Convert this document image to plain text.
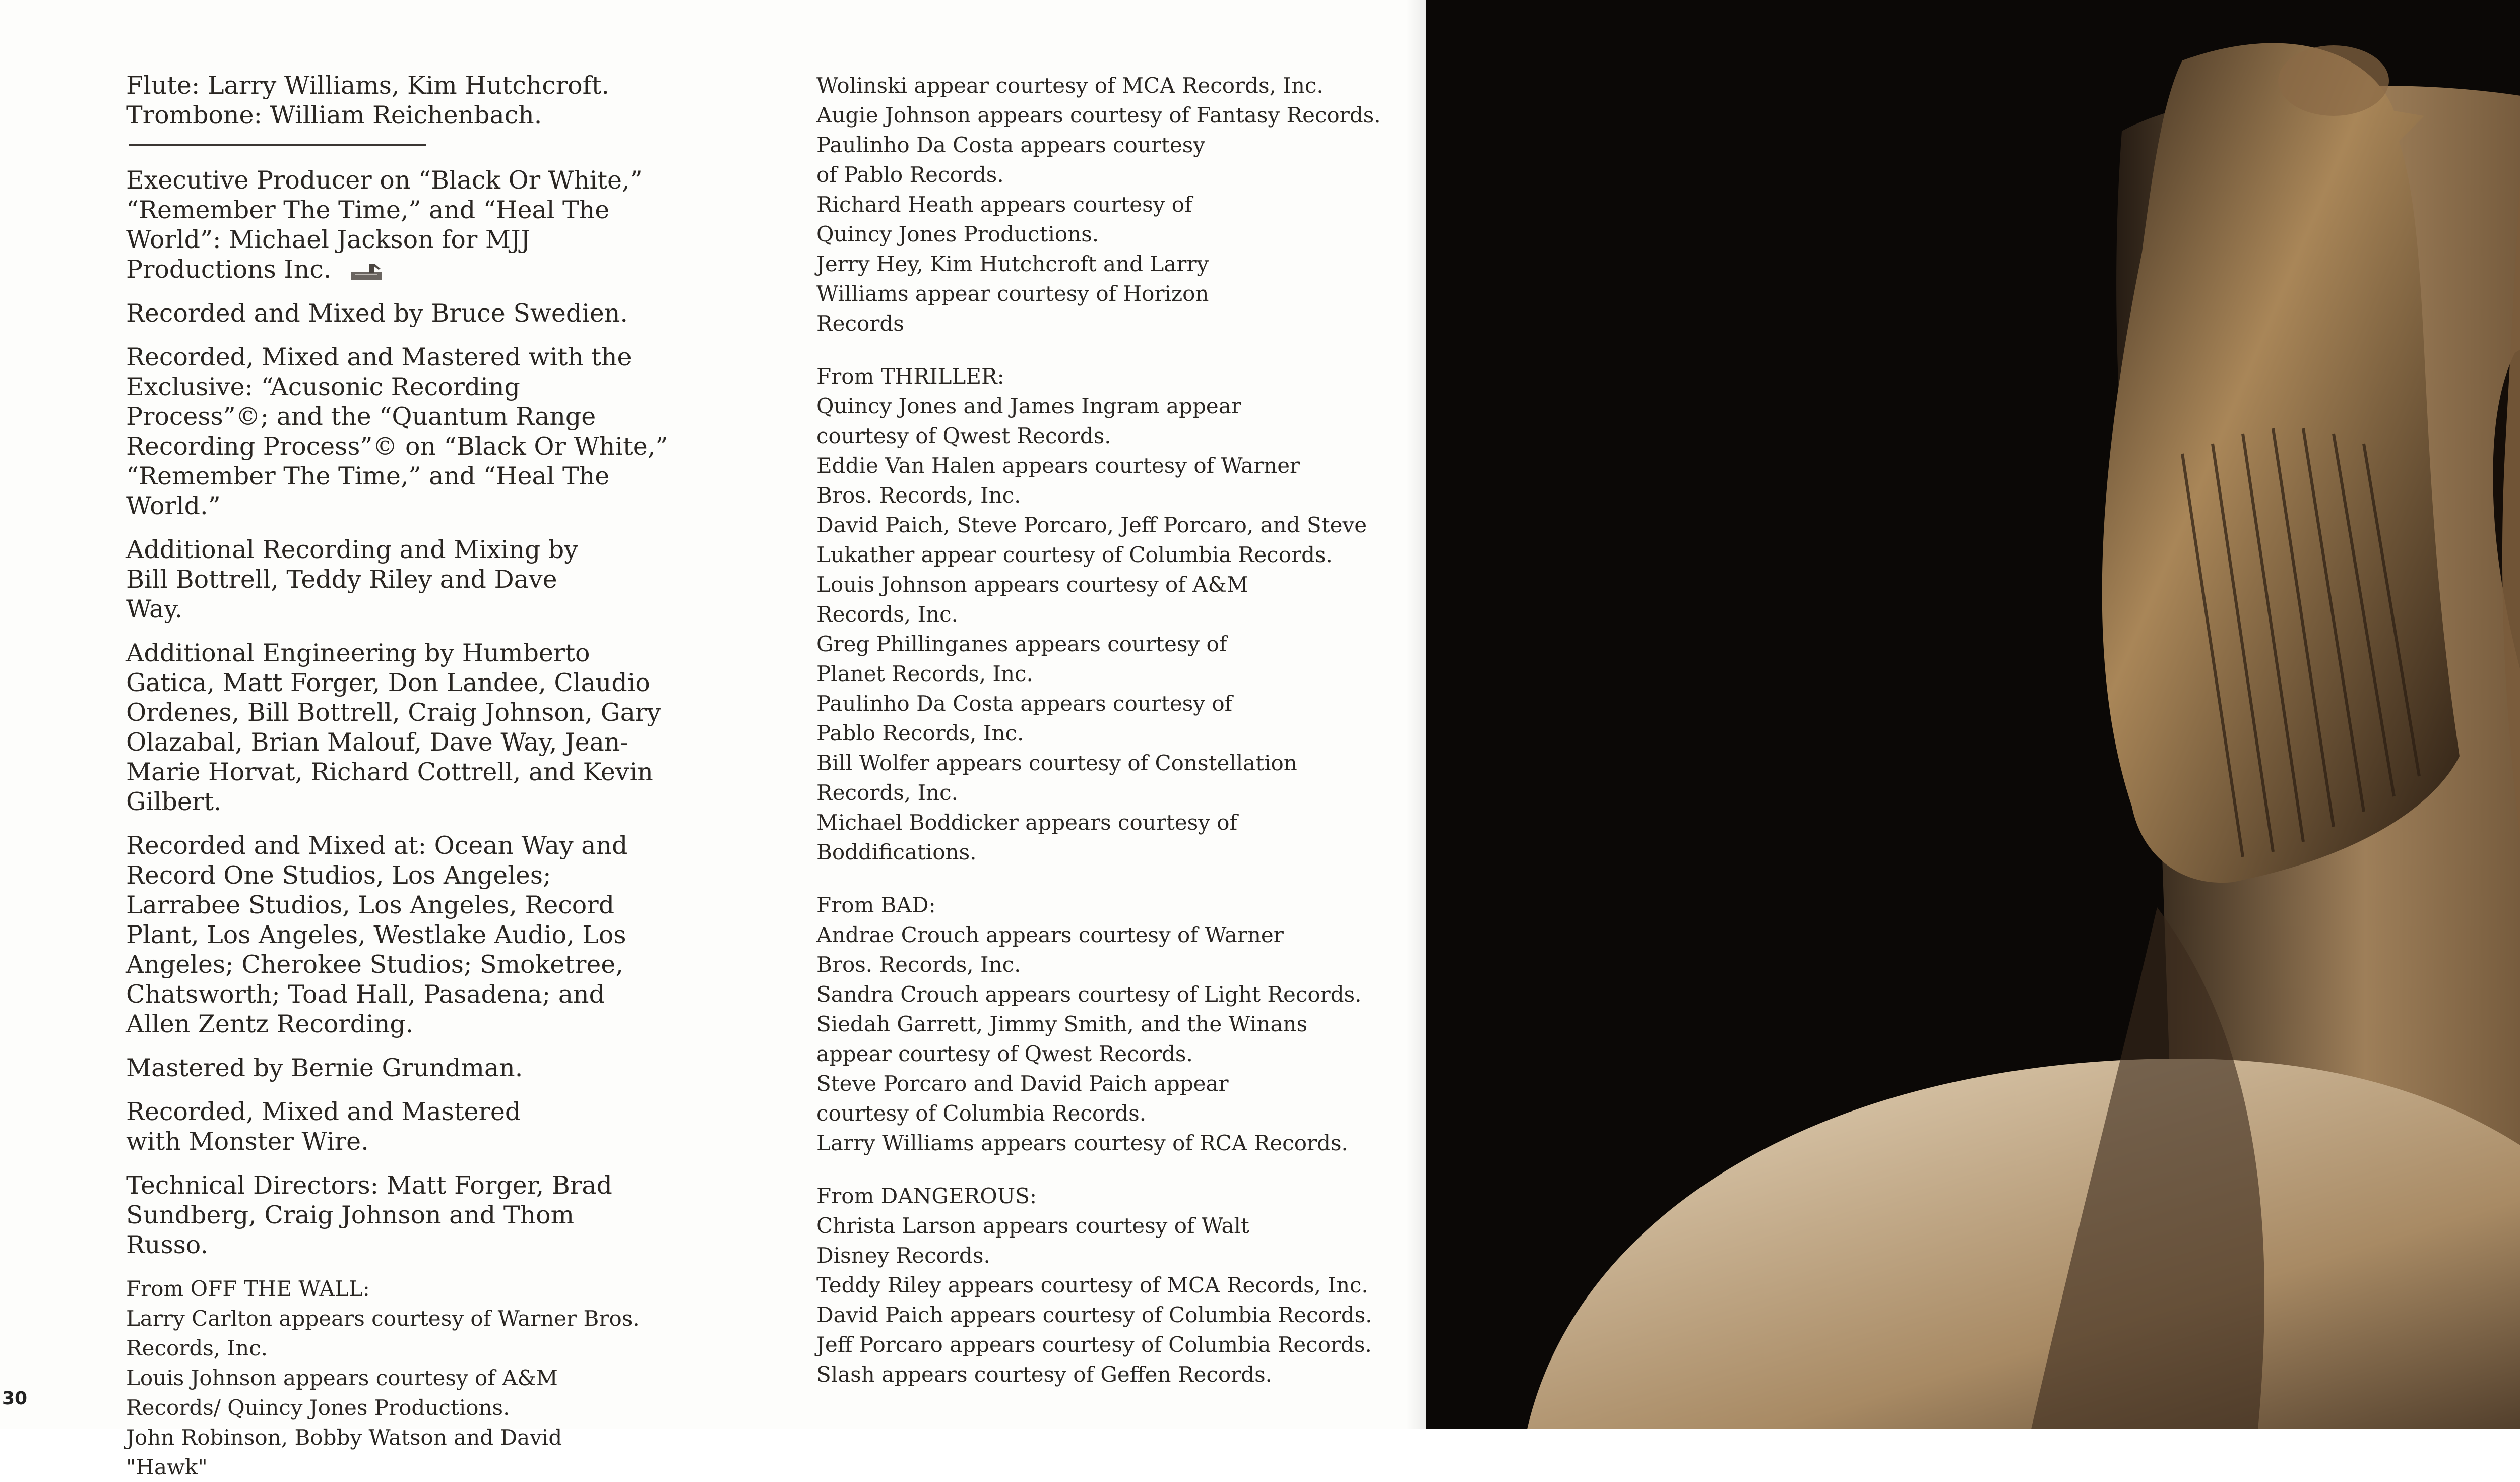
Flute: Larry Williams, Kim Hutchcroft.
Trombone: William Reichenbach.
Executive Producer on “Black Or White,” “Remember The Time,” and “Heal The World”: Michael Jackson for MJJ Productions Inc.
Recorded and Mixed by Bruce Swedien.
Recorded, Mixed and Mastered with the Exclusive: “Acusonic Recording Process”©; and the “Quantum Range Recording Process”© on “Black Or White,” “Remember The Time,” and “Heal The World.”
Additional Recording and Mixing by Bill Bottrell, Teddy Riley and Dave Way.
Additional Engineering by Humberto Gatica, Matt Forger, Don Landee, Claudio Ordenes, Bill Bottrell, Craig Johnson, Gary Olazabal, Brian Malouf, Dave Way, Jean-Marie Horvat, Richard Cottrell, and Kevin Gilbert.
Recorded and Mixed at: Ocean Way and Record One Studios, Los Angeles; Larrabee Studios, Los Angeles, Record Plant, Los Angeles, Westlake Audio, Los Angeles; Cherokee Studios; Smoketree, Chatsworth; Toad Hall, Pasadena; and Allen Zentz Recording.
Mastered by Bernie Grundman.
Recorded, Mixed and Mastered with Monster Wire.
Technical Directors: Matt Forger, Brad Sundberg, Craig Johnson and Thom Russo.
From OFF THE WALL:
Larry Carlton appears courtesy of Warner Bros. Records, Inc.
Louis Johnson appears courtesy of A&M Records/ Quincy Jones Productions.
John Robinson, Bobby Watson and David "Hawk"
Wolinski appear courtesy of MCA Records, Inc.
Augie Johnson appears courtesy of Fantasy Records.
Paulinho Da Costa appears courtesy of Pablo Records.
Richard Heath appears courtesy of Quincy Jones Productions.
Jerry Hey, Kim Hutchcroft and Larry Williams appear courtesy of Horizon Records
From THRILLER:
Quincy Jones and James Ingram appear courtesy of Qwest Records.
Eddie Van Halen appears courtesy of Warner Bros. Records, Inc.
David Paich, Steve Porcaro, Jeff Porcaro, and Steve Lukather appear courtesy of Columbia Records.
Louis Johnson appears courtesy of A&M Records, Inc.
Greg Phillinganes appears courtesy of Planet Records, Inc.
Paulinho Da Costa appears courtesy of Pablo Records, Inc.
Bill Wolfer appears courtesy of Constellation Records, Inc.
Michael Boddicker appears courtesy of Boddifications.
From BAD:
Andrae Crouch appears courtesy of Warner Bros. Records, Inc.
Sandra Crouch appears courtesy of Light Records.
Siedah Garrett, Jimmy Smith, and the Winans appear courtesy of Qwest Records.
Steve Porcaro and David Paich appear courtesy of Columbia Records.
Larry Williams appears courtesy of RCA Records.
From DANGEROUS:
Christa Larson appears courtesy of Walt Disney Records.
Teddy Riley appears courtesy of MCA Records, Inc.
David Paich appears courtesy of Columbia Records.
Jeff Porcaro appears courtesy of Columbia Records.
Slash appears courtesy of Geffen Records.
30
